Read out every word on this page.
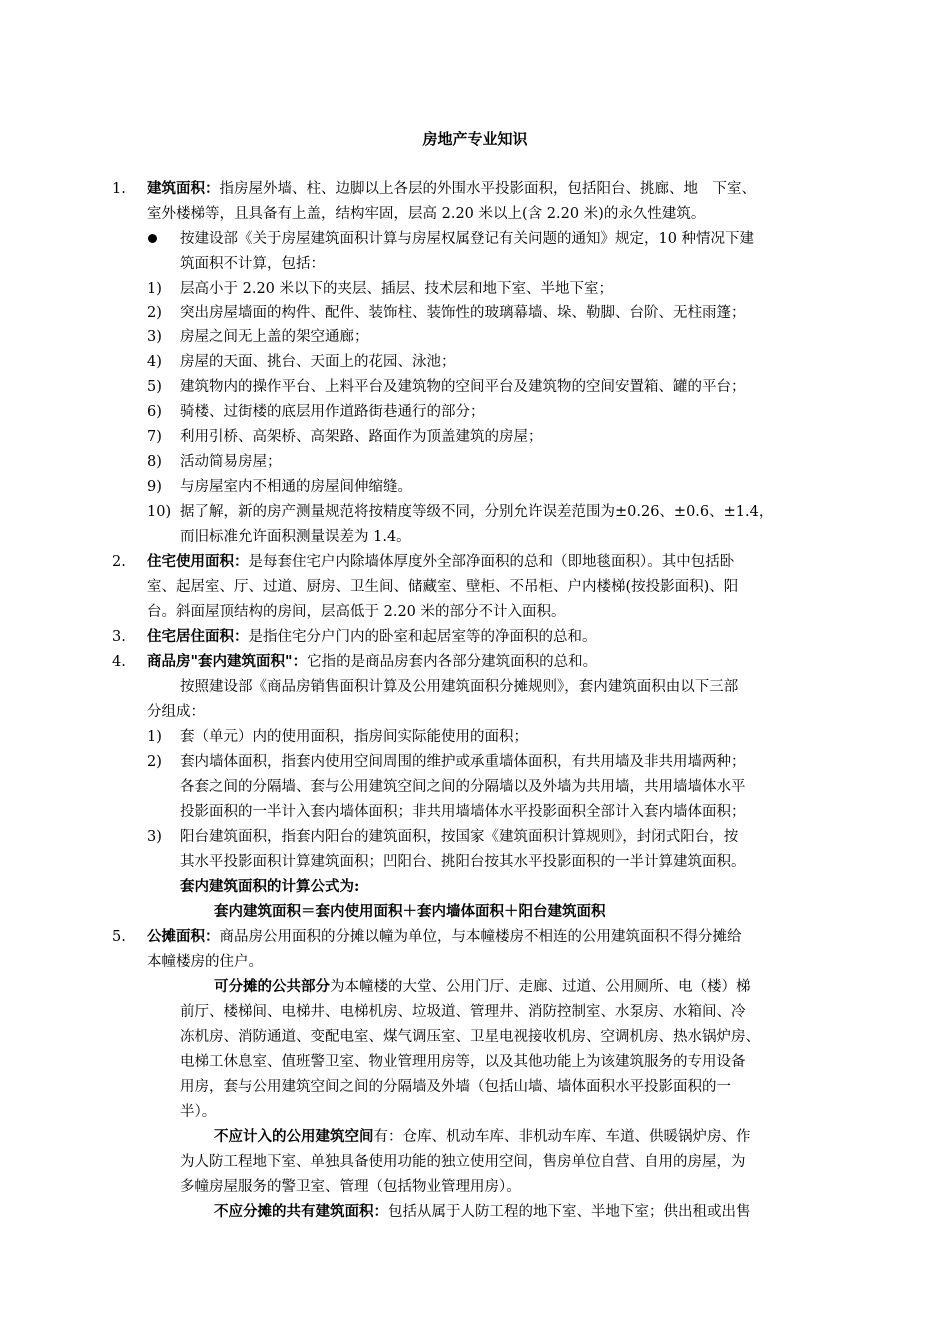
房地产专业知识
1. 建筑面积：指房屋外墙、柱、边脚以上各层的外围水平投影面积，包括阳台、挑廊、地　下室、
室外楼梯等，且具备有上盖，结构牢固，层高 2.20 米以上(含 2.20 米)的永久性建筑。
按建设部《关于房屋建筑面积计算与房屋权属登记有关问题的通知》规定，10 种情况下建
筑面积不计算，包括：
1) 层高小于 2.20 米以下的夹层、插层、技术层和地下室、半地下室；
2) 突出房屋墙面的构件、配件、装饰柱、装饰性的玻璃幕墙、垛、勒脚、台阶、无柱雨篷；
3) 房屋之间无上盖的架空通廊；
4) 房屋的天面、挑台、天面上的花园、泳池；
5) 建筑物内的操作平台、上料平台及建筑物的空间平台及建筑物的空间安置箱、罐的平台；
6) 骑楼、过街楼的底层用作道路街巷通行的部分；
7) 利用引桥、高架桥、高架路、路面作为顶盖建筑的房屋；
8) 活动简易房屋；
9) 与房屋室内不相通的房屋间伸缩缝。
10) 据了解，新的房产测量规范将按精度等级不同，分别允许误差范围为±0.26、±0.6、±1.4，
而旧标准允许面积测量误差为 1.4。
2. 住宅使用面积：是每套住宅户内除墙体厚度外全部净面积的总和（即地毯面积）。其中包括卧
室、起居室、厅、过道、厨房、卫生间、储藏室、壁柜、不吊柜、户内楼梯(按投影面积)、阳
台。斜面屋顶结构的房间，层高低于 2.20 米的部分不计入面积。
3. 住宅居住面积：是指住宅分户门内的卧室和起居室等的净面积的总和。
4. 商品房"套内建筑面积"：它指的是商品房套内各部分建筑面积的总和。
按照建设部《商品房销售面积计算及公用建筑面积分摊规则》，套内建筑面积由以下三部
分组成：
1) 套（单元）内的使用面积，指房间实际能使用的面积；
2) 套内墙体面积，指套内使用空间周围的维护或承重墙体面积，有共用墙及非共用墙两种；
各套之间的分隔墙、套与公用建筑空间之间的分隔墙以及外墙为共用墙，共用墙墙体水平
投影面积的一半计入套内墙体面积；非共用墙墙体水平投影面积全部计入套内墙体面积；
3) 阳台建筑面积，指套内阳台的建筑面积，按国家《建筑面积计算规则》，封闭式阳台，按
其水平投影面积计算建筑面积；凹阳台、挑阳台按其水平投影面积的一半计算建筑面积。
套内建筑面积的计算公式为:
套内建筑面积＝套内使用面积＋套内墙体面积＋阳台建筑面积
5. 公摊面积：商品房公用面积的分摊以幢为单位，与本幢楼房不相连的公用建筑面积不得分摊给
本幢楼房的住户。
可分摊的公共部分为本幢楼的大堂、公用门厅、走廊、过道、公用厕所、电（楼）梯
前厅、楼梯间、电梯井、电梯机房、垃圾道、管理井、消防控制室、水泵房、水箱间、冷
冻机房、消防通道、变配电室、煤气调压室、卫星电视接收机房、空调机房、热水锅炉房、
电梯工休息室、值班警卫室、物业管理用房等，以及其他功能上为该建筑服务的专用设备
用房，套与公用建筑空间之间的分隔墙及外墙（包括山墙、墙体面积水平投影面积的一
半）。
不应计入的公用建筑空间有：仓库、机动车库、非机动车库、车道、供暖锅炉房、作
为人防工程地下室、单独具备使用功能的独立使用空间，售房单位自营、自用的房屋，为
多幢房屋服务的警卫室、管理（包括物业管理用房）。
不应分摊的共有建筑面积：包括从属于人防工程的地下室、半地下室；供出租或出售
